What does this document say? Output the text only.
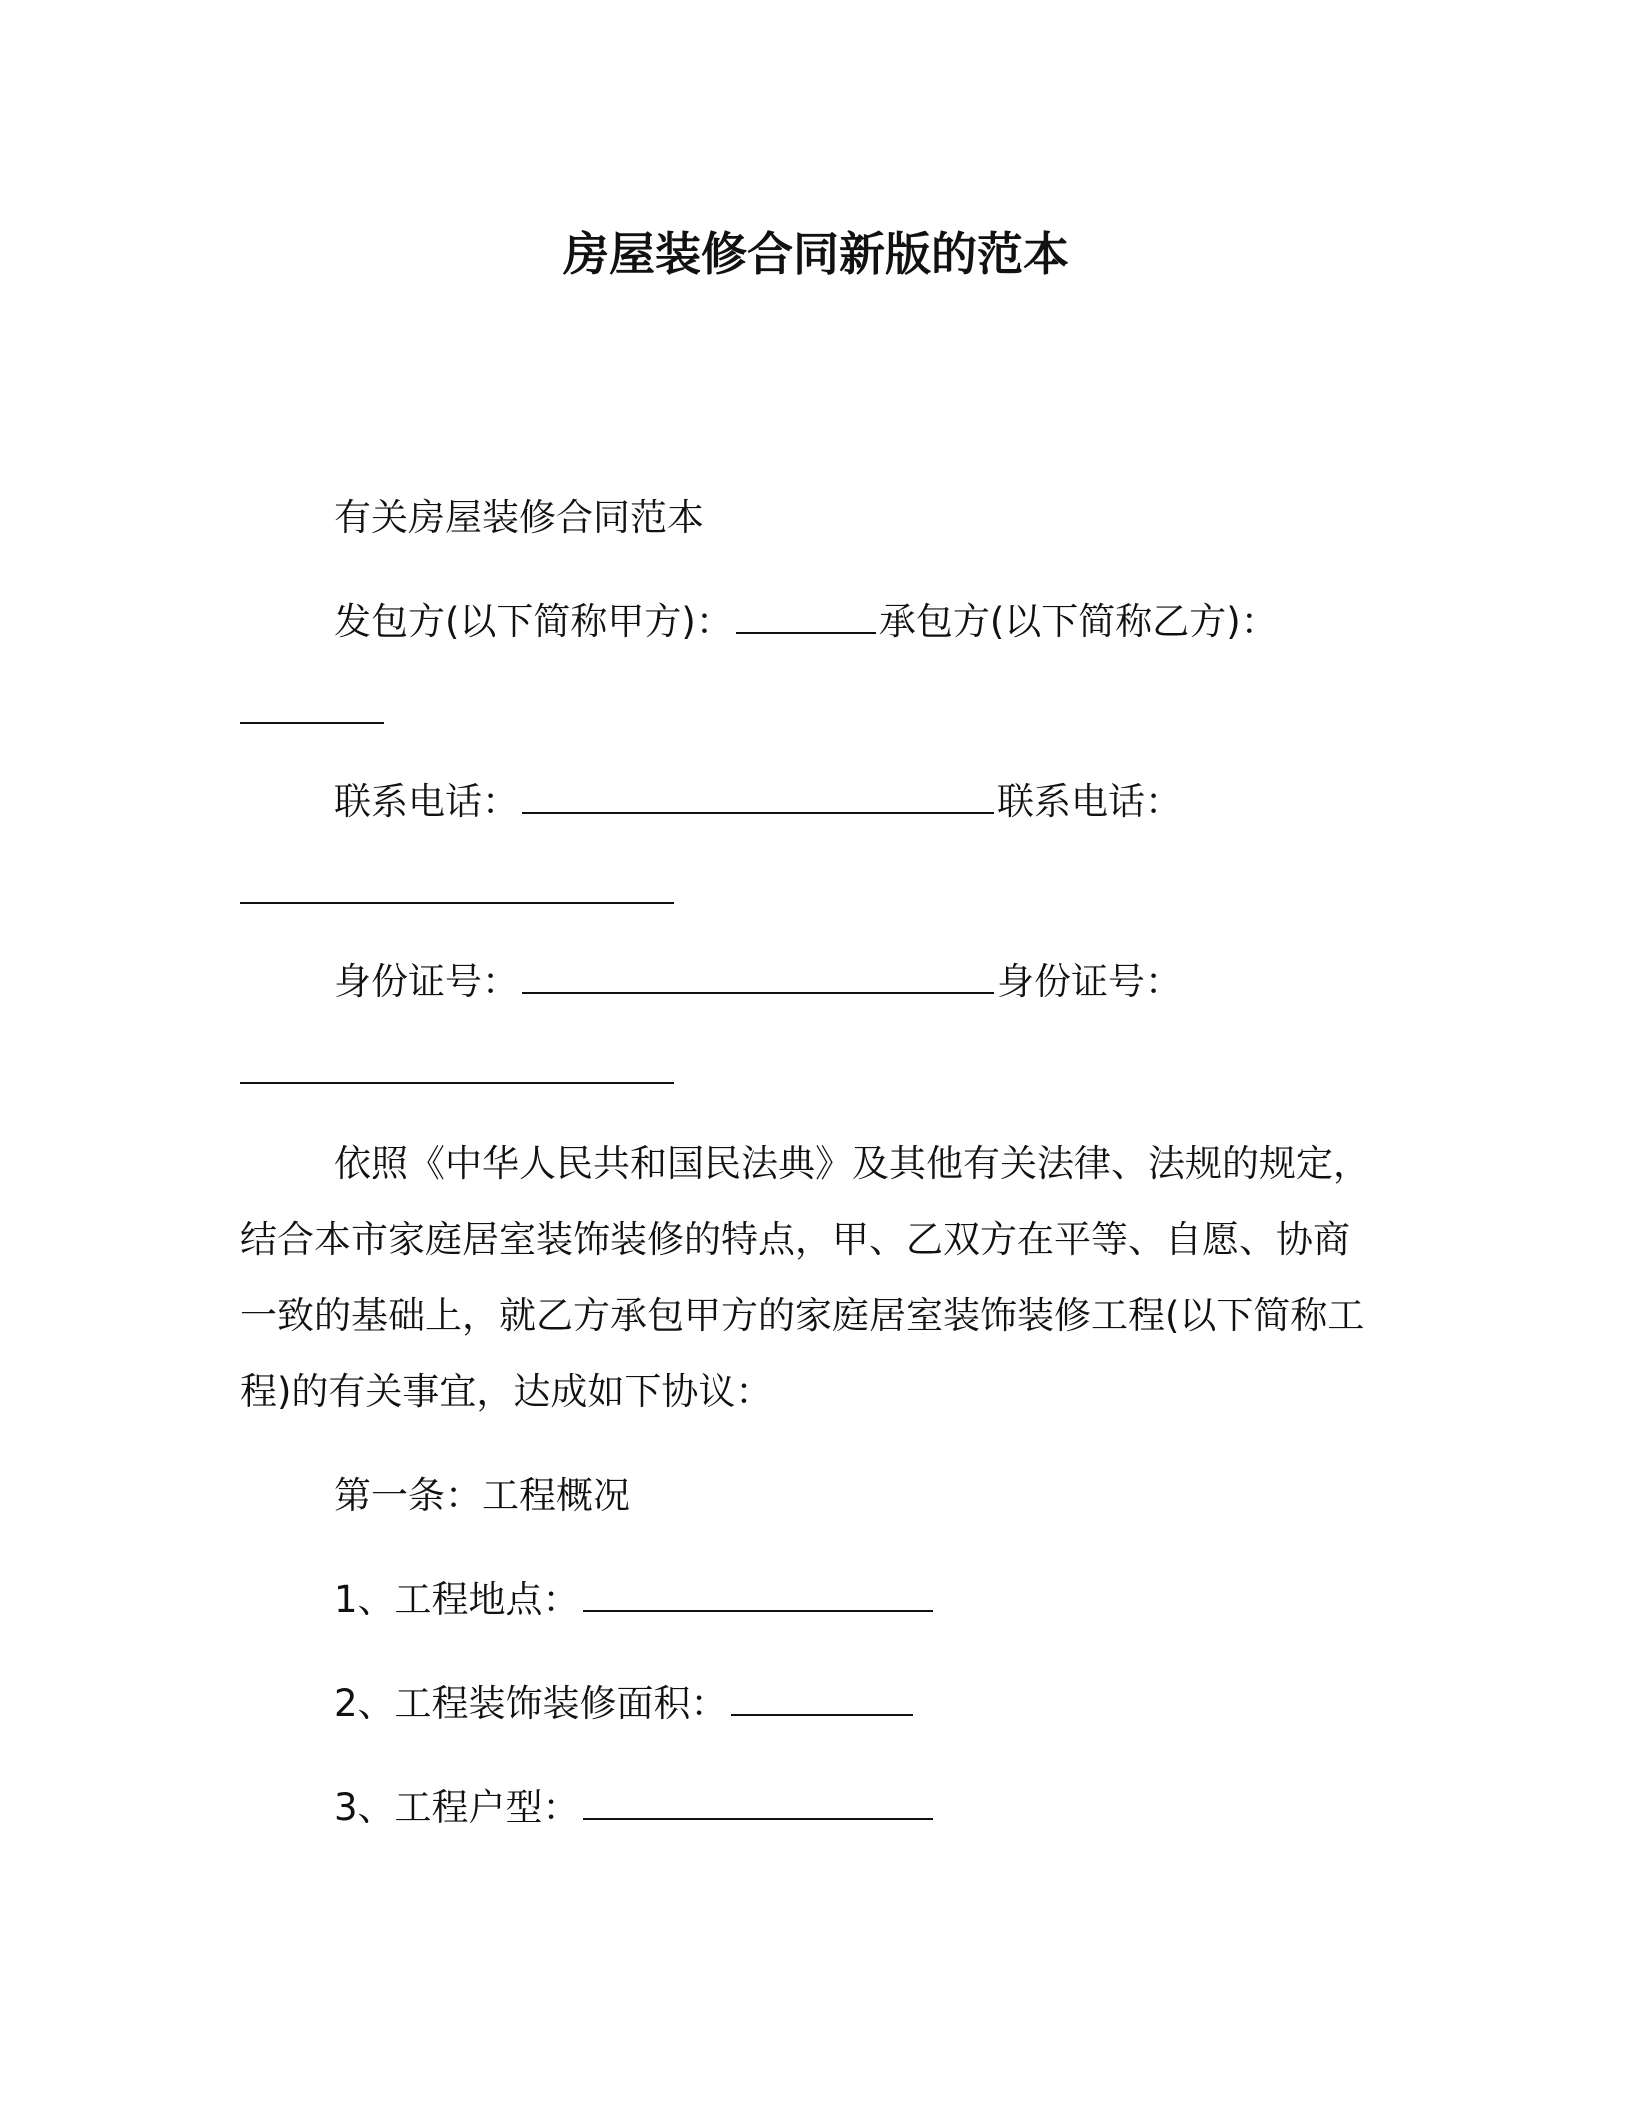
房屋装修合同新版的范本
有关房屋装修合同范本
发包方(以下简称甲方)：	承包方(以下简称乙方)：
联系电话：	联系电话：
身份证号：	身份证号：
依照《中华人民共和国民法典》及其他有关法律、法规的规定，
结合本市家庭居室装饰装修的特点，甲、乙双方在平等、自愿、协商
一致的基础上，就乙方承包甲方的家庭居室装饰装修工程(以下简称工
程)的有关事宜，达成如下协议：
第一条：工程概况
1、工程地点：
2、工程装饰装修面积：
3、工程户型：
